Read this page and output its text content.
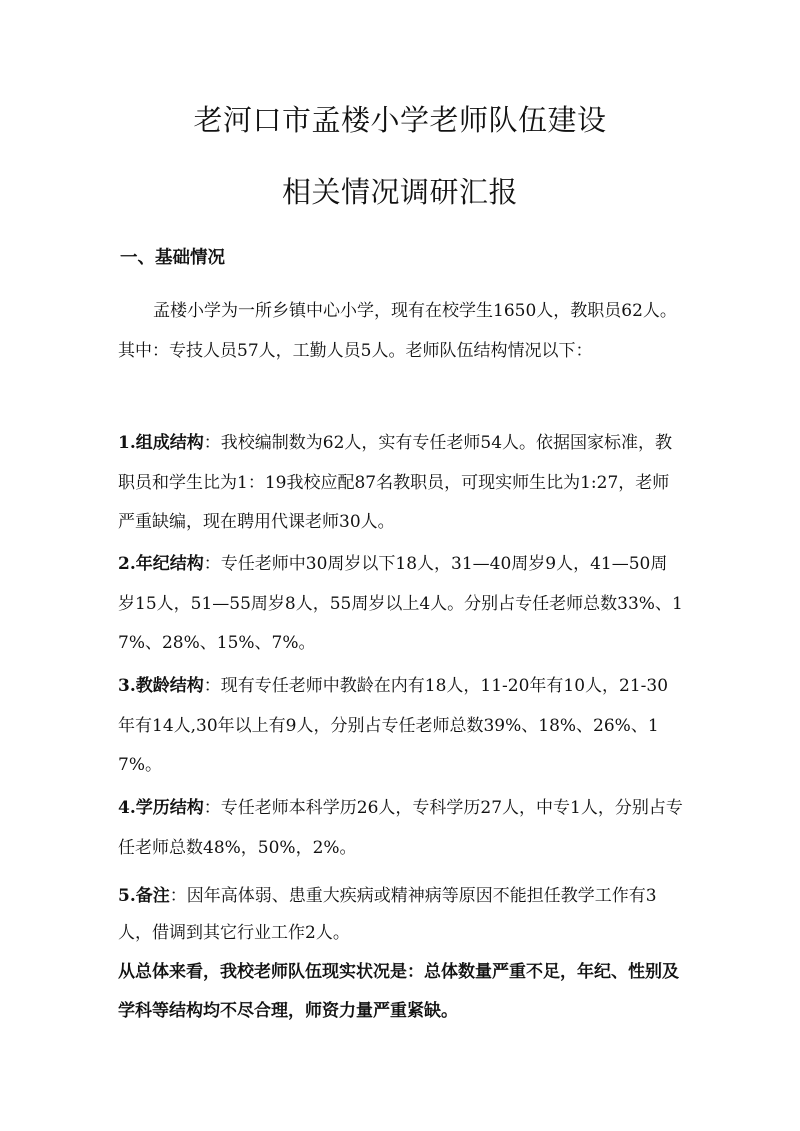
老河口市孟楼小学老师队伍建设
相关情况调研汇报
一、基础情况

孟楼小学为一所乡镇中心小学，现有在校学生1650人，教职员62人。其中：专技人员57人，工勤人员5人。老师队伍结构情况以下：

1.组成结构：我校编制数为62人，实有专任老师54人。依据国家标准，教职员和学生比为1：19我校应配87名教职员，可现实师生比为1:27，老师严重缺编，现在聘用代课老师30人。

2.年纪结构：专任老师中30周岁以下18人，31—40周岁9人，41—50周岁15人，51—55周岁8人，55周岁以上4人。分别占专任老师总数33%、17%、28%、15%、7%。

3.教龄结构：现有专任老师中教龄在内有18人，11-20年有10人，21-30年有14人,30年以上有9人，分别占专任老师总数39%、18%、26%、17%。

4.学历结构：专任老师本科学历26人，专科学历27人，中专1人，分别占专任老师总数48%，50%，2%。

5.备注：因年高体弱、患重大疾病或精神病等原因不能担任教学工作有3人，借调到其它行业工作2人。

从总体来看，我校老师队伍现实状况是：总体数量严重不足，年纪、性别及学科等结构均不尽合理，师资力量严重紧缺。
